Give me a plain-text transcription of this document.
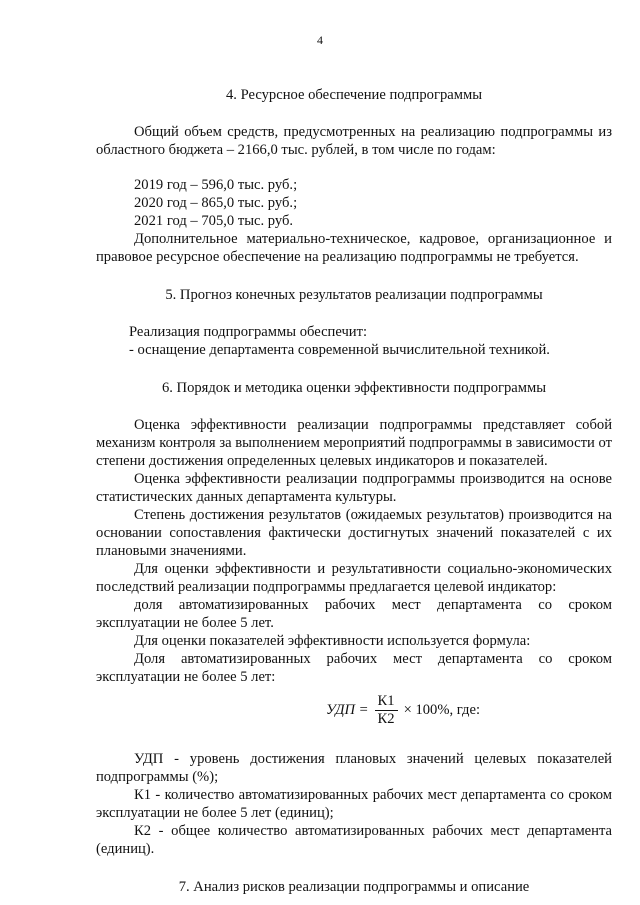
4

4. Ресурсное обеспечение подпрограммы

Общий объем средств, предусмотренных на реализацию подпрограммы из областного бюджета – 2166,0 тыс. рублей, в том числе по годам:

2019 год – 596,0 тыс. руб.;

2020 год – 865,0 тыс. руб.;

2021 год – 705,0 тыс. руб.

Дополнительное материально-техническое, кадровое, организационное и правовое ресурсное обеспечение на реализацию подпрограммы не требуется.

5. Прогноз конечных результатов реализации подпрограммы

Реализация подпрограммы обеспечит:

- оснащение департамента современной вычислительной техникой.

6. Порядок и методика оценки эффективности подпрограммы

Оценка эффективности реализации подпрограммы представляет собой механизм контроля за выполнением мероприятий подпрограммы в зависимости от степени достижения определенных целевых индикаторов и показателей.

Оценка эффективности реализации подпрограммы производится на основе статистических данных департамента культуры.

Степень достижения результатов (ожидаемых результатов) производится на основании сопоставления фактически достигнутых значений показателей с их плановыми значениями.

Для оценки эффективности и результативности социально-экономических последствий реализации подпрограммы предлагается целевой индикатор:

доля автоматизированных рабочих мест департамента со сроком эксплуатации не более 5 лет.

Для оценки показателей эффективности используется формула:

Доля автоматизированных рабочих мест департамента со сроком эксплуатации не более 5 лет:

УДП = $\frac{К1}{К2} \times 100\%$, где:

УДП - уровень достижения плановых значений целевых показателей подпрограммы (%);

К1 - количество автоматизированных рабочих мест департамента со сроком эксплуатации не более 5 лет (единиц);

К2 - общее количество автоматизированных рабочих мест департамента (единиц).

7. Анализ рисков реализации подпрограммы и описание
